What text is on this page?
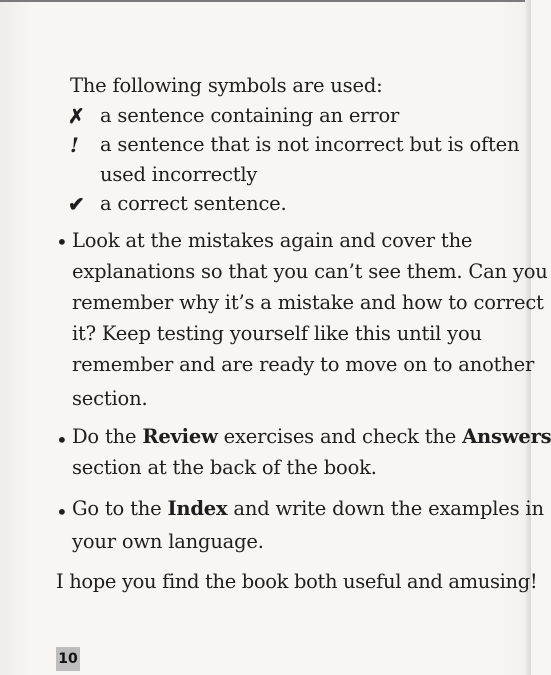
The following symbols are used:
✗ a sentence containing an error
! a sentence that is not incorrect but is often
used incorrectly
✔ a correct sentence.
• Look at the mistakes again and cover the
explanations so that you can’t see them. Can you
remember why it’s a mistake and how to correct
it? Keep testing yourself like this until you
remember and are ready to move on to another
section.
• Do the Review exercises and check the Answers
section at the back of the book.
• Go to the Index and write down the examples in
your own language.
I hope you find the book both useful and amusing!
10
